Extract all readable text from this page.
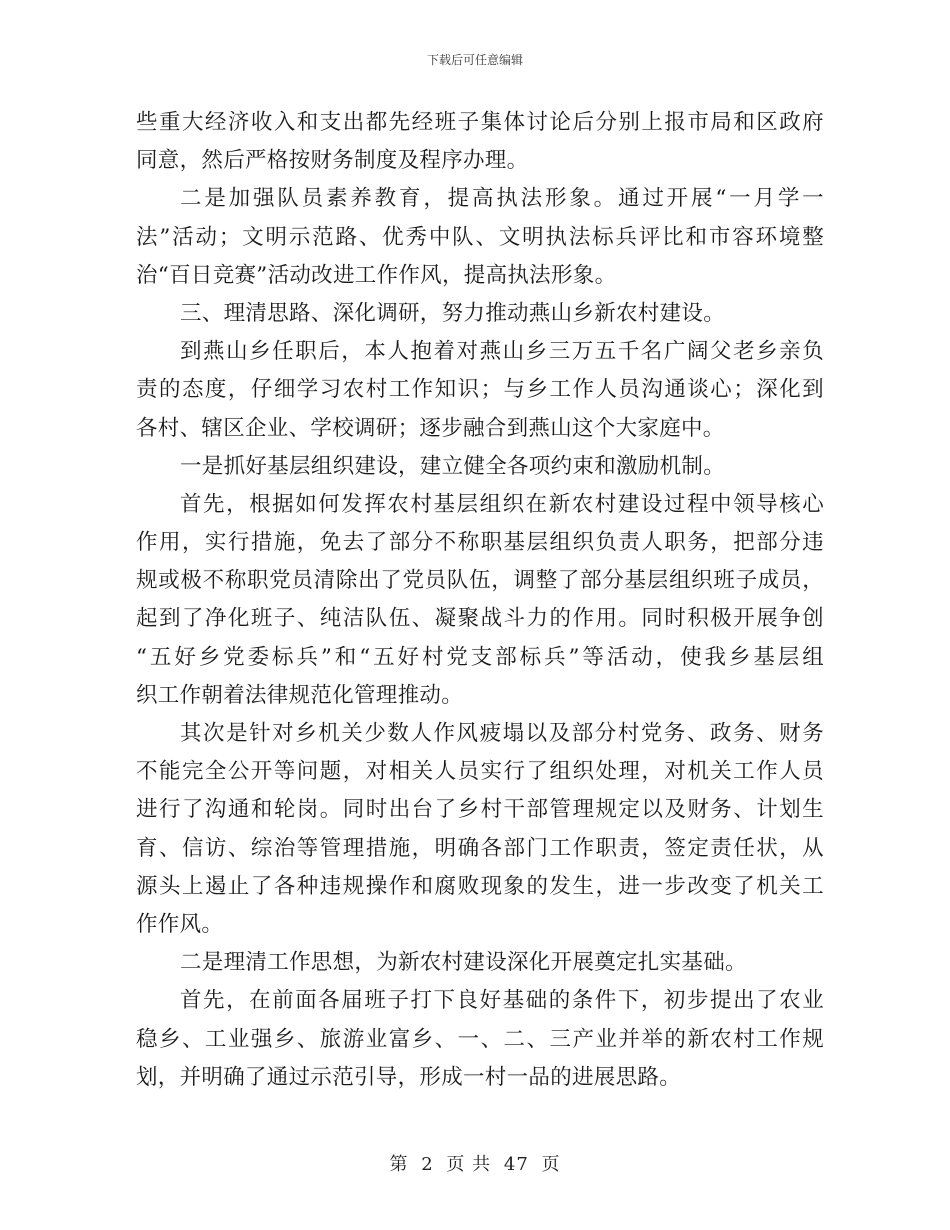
下载后可任意编辑
些重大经济收入和支出都先经班子集体讨论后分别上报市局和区政府
同意，然后严格按财务制度及程序办理。
二是加强队员素养教育，提高执法形象。通过开展“一月学一
法”活动；文明示范路、优秀中队、文明执法标兵评比和市容环境整
治“百日竞赛”活动改进工作作风，提高执法形象。
三、理清思路、深化调研，努力推动燕山乡新农村建设。
到燕山乡任职后，本人抱着对燕山乡三万五千名广阔父老乡亲负
责的态度，仔细学习农村工作知识；与乡工作人员沟通谈心；深化到
各村、辖区企业、学校调研；逐步融合到燕山这个大家庭中。
一是抓好基层组织建设，建立健全各项约束和激励机制。
首先，根据如何发挥农村基层组织在新农村建设过程中领导核心
作用，实行措施，免去了部分不称职基层组织负责人职务，把部分违
规或极不称职党员清除出了党员队伍，调整了部分基层组织班子成员，
起到了净化班子、纯洁队伍、凝聚战斗力的作用。同时积极开展争创
“五好乡党委标兵”和“五好村党支部标兵”等活动，使我乡基层组
织工作朝着法律规范化管理推动。
其次是针对乡机关少数人作风疲塌以及部分村党务、政务、财务
不能完全公开等问题，对相关人员实行了组织处理，对机关工作人员
进行了沟通和轮岗。同时出台了乡村干部管理规定以及财务、计划生
育、信访、综治等管理措施，明确各部门工作职责，签定责任状，从
源头上遏止了各种违规操作和腐败现象的发生，进一步改变了机关工
作作风。
二是理清工作思想，为新农村建设深化开展奠定扎实基础。
首先，在前面各届班子打下良好基础的条件下，初步提出了农业
稳乡、工业强乡、旅游业富乡、一、二、三产业并举的新农村工作规
划，并明确了通过示范引导，形成一村一品的进展思路。
第 2 页 共 47 页
